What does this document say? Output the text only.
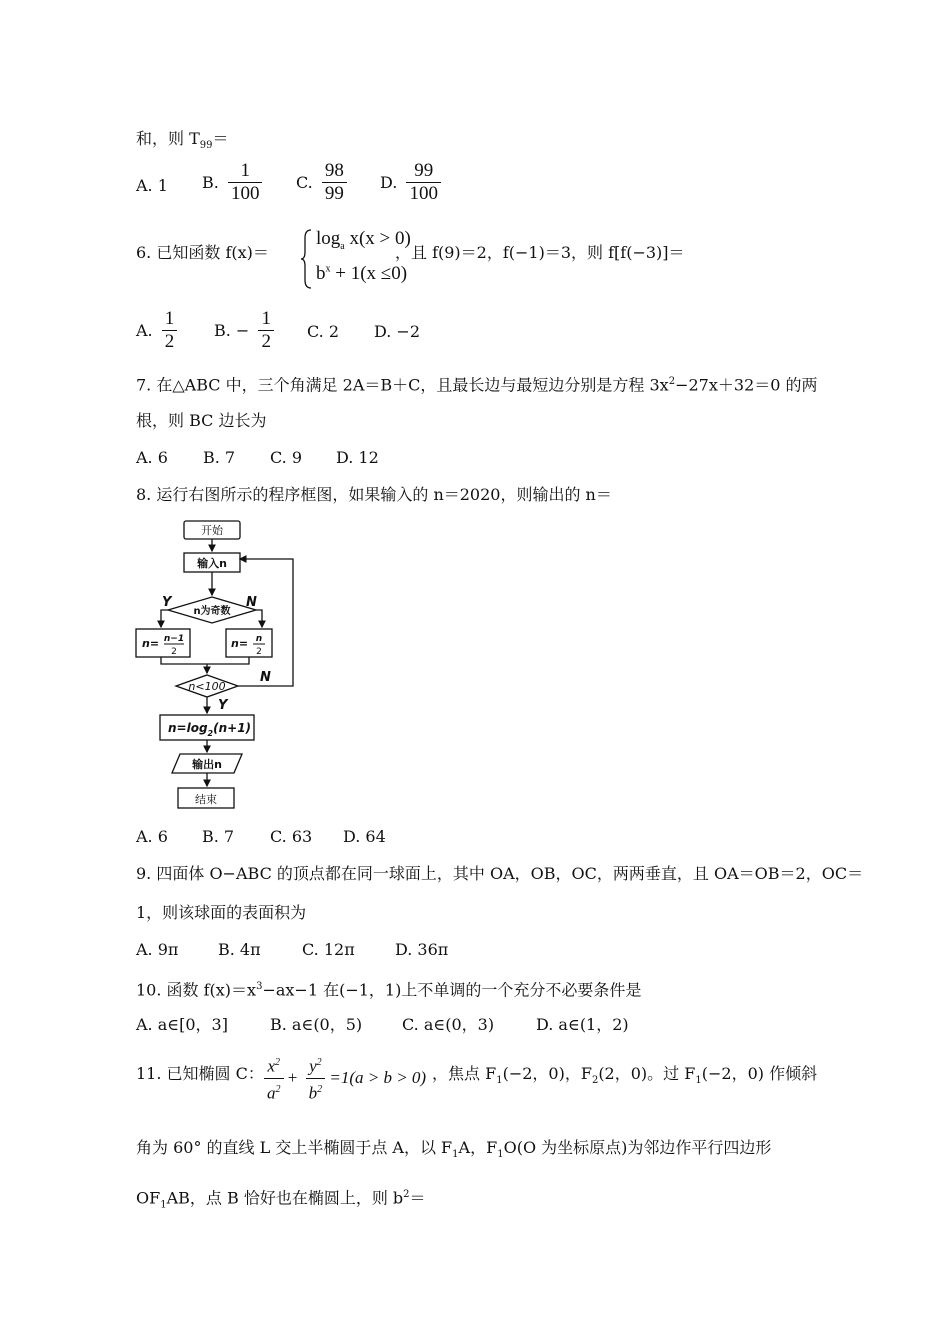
和，则 $T_{99}=$
A. 1 B. $\frac{1}{100} C$. $\frac{98}{99} D$. $\frac{99}{100}$
6. 已知函数 f(x)＝
$\log_a x(x > 0)$
$b^x + 1(x \le 0)$
，且 f(9)＝2，f(−1)＝3，则 f[f(−3)]＝
A. $\frac{1}{2} B$. − $\frac{1}{2} C$. 2 D. −2
7. 在△ABC 中，三个角满足 2A＝B＋C，且最长边与最短边分别是方程 $3x^2-27x+32=0$ 的两
根，则 BC 边长为
A. 6 B. 7 C. 9 D. 12
8. 运行右图所示的程序框图，如果输入的 n＝2020，则输出的 n＝
开始
输入n
n为奇数
Y	N
n= n−1
2
n= n
2
n<100
N
Y
$n=\log_2(n+1)$
输出n
结束
A. 6 B. 7 C. 63 D. 64
9. 四面体 O−ABC 的顶点都在同一球面上，其中 OA，OB，OC，两两垂直，且 OA＝OB＝2，OC＝
1，则该球面的表面积为
A. 9π B. 4π	C. 12π	D. 36π
10. 函数 $f(x)=x^3-ax-1$ 在(−1，1)上不单调的一个充分不必要条件是
A. a∈[0，3]	B. a∈(0，5) C. a∈(0，3)	D. a∈(1，2)
11. 已知椭圆 C： $\frac{x^2}{a^2} + \frac{y^2}{b^2} =1(a > b > 0)$ ，焦点 $F_1(-2$，0)，$F_2(2$，0)。过 $F_1(-2$，0) 作倾斜
角为 60° 的直线 L 交上半椭圆于点 A，以 $F_1A$，$F_1O(O$ 为坐标原点)为邻边作平行四边形
$OF_1AB$，点 B 恰好也在椭圆上，则 $b^2=$
